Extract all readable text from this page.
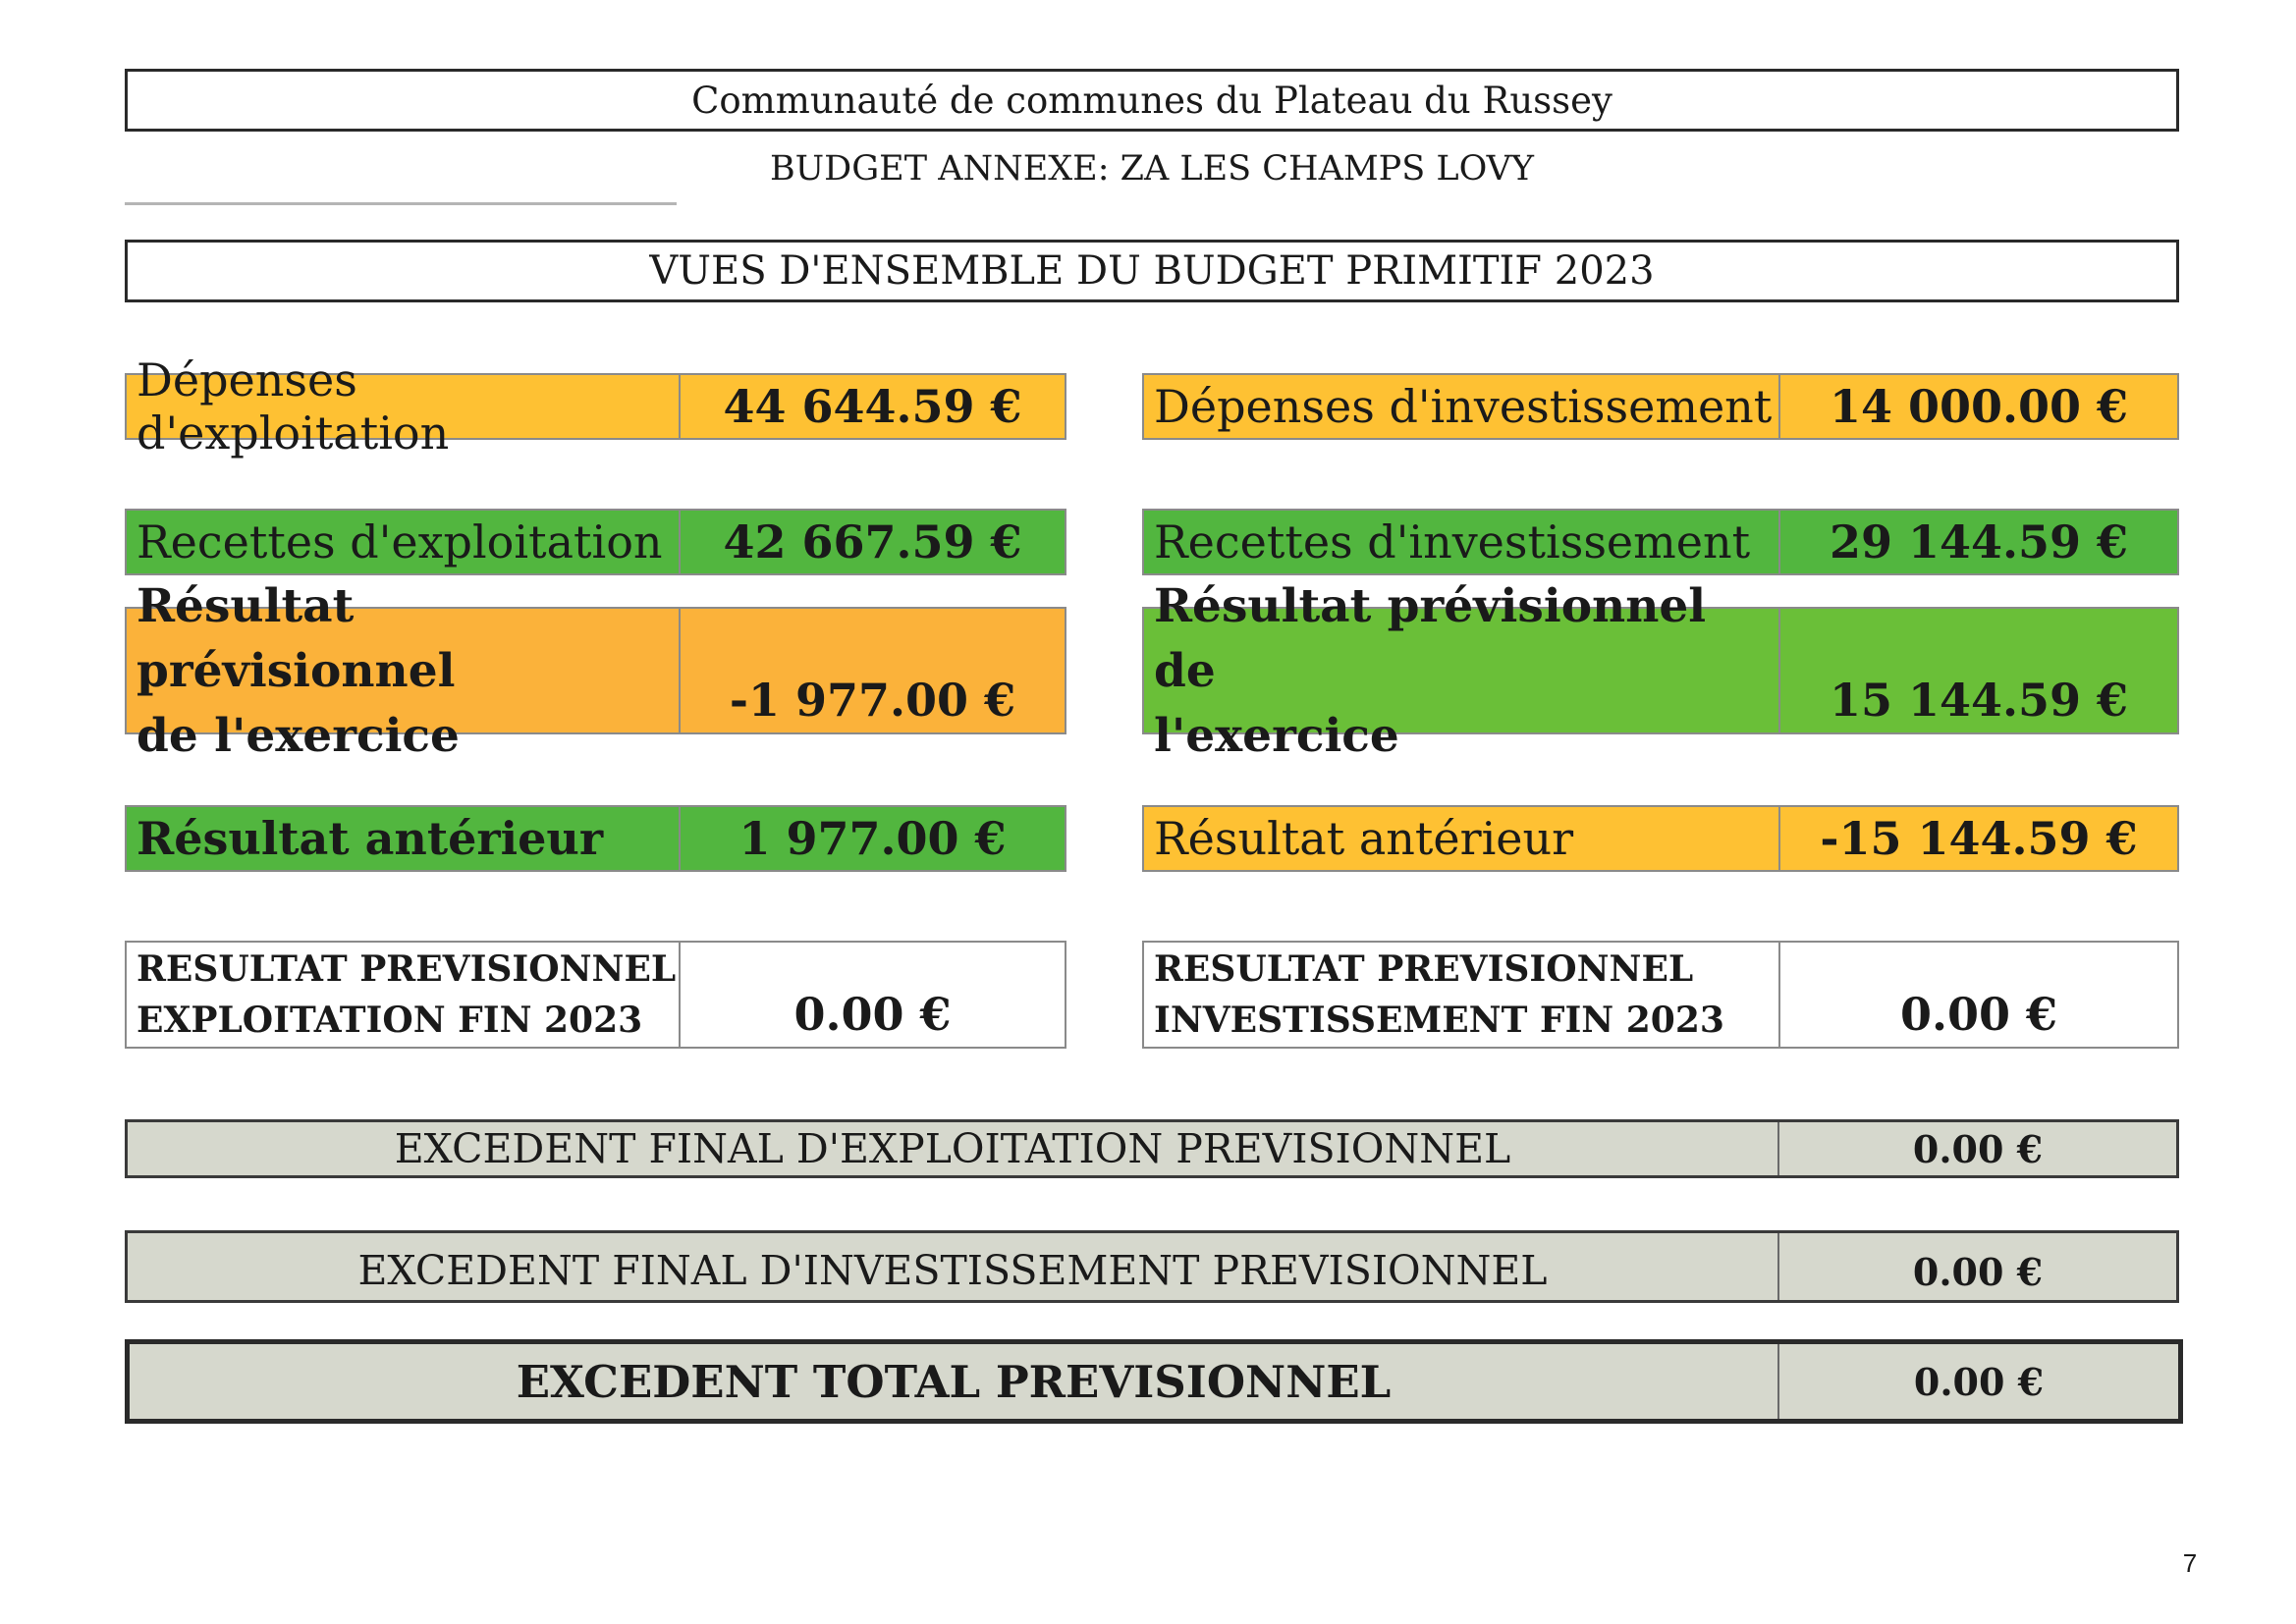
Communauté de communes du Plateau du Russey
BUDGET ANNEXE: ZA LES CHAMPS LOVY
VUES D'ENSEMBLE DU BUDGET PRIMITIF 2023
Dépenses d'exploitation	44 644.59 €
Recettes d'exploitation	42 667.59 €
Résultat prévisionnel
de l'exercice
-1 977.00 €
Résultat antérieur	1 977.00 €
RESULTAT PREVISIONNEL
EXPLOITATION FIN 2023	0.00 €
Dépenses d'investissement	14 000.00 €
Recettes d'investissement	29 144.59 €
Résultat prévisionnel de
l'exercice
15 144.59 €
Résultat antérieur	-15 144.59 €
RESULTAT PREVISIONNEL
INVESTISSEMENT FIN 2023	0.00 €
EXCEDENT FINAL D'EXPLOITATION PREVISIONNEL	0.00 €
EXCEDENT FINAL D'INVESTISSEMENT PREVISIONNEL	0.00 €
EXCEDENT TOTAL PREVISIONNEL	0.00 €
7
